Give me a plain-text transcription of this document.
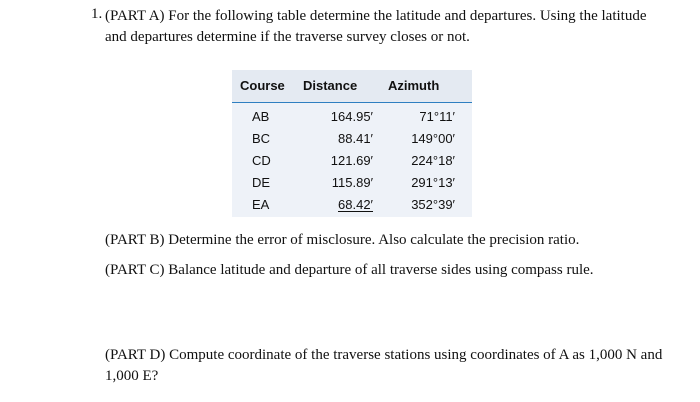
1. (PART A) For the following table determine the latitude and departures. Using the latitude and departures determine if the traverse survey closes or not.
Course Distance Azimuth
AB	164.95′	71°11′
BC	88.41′	149°00′
CD	121.69′	224°18′
DE	115.89′	291°13′
EA	68.42′	352°39′
(PART B) Determine the error of misclosure. Also calculate the precision ratio.
(PART C) Balance latitude and departure of all traverse sides using compass rule.
(PART D) Compute coordinate of the traverse stations using coordinates of A as 1,000 N and 1,000 E?
